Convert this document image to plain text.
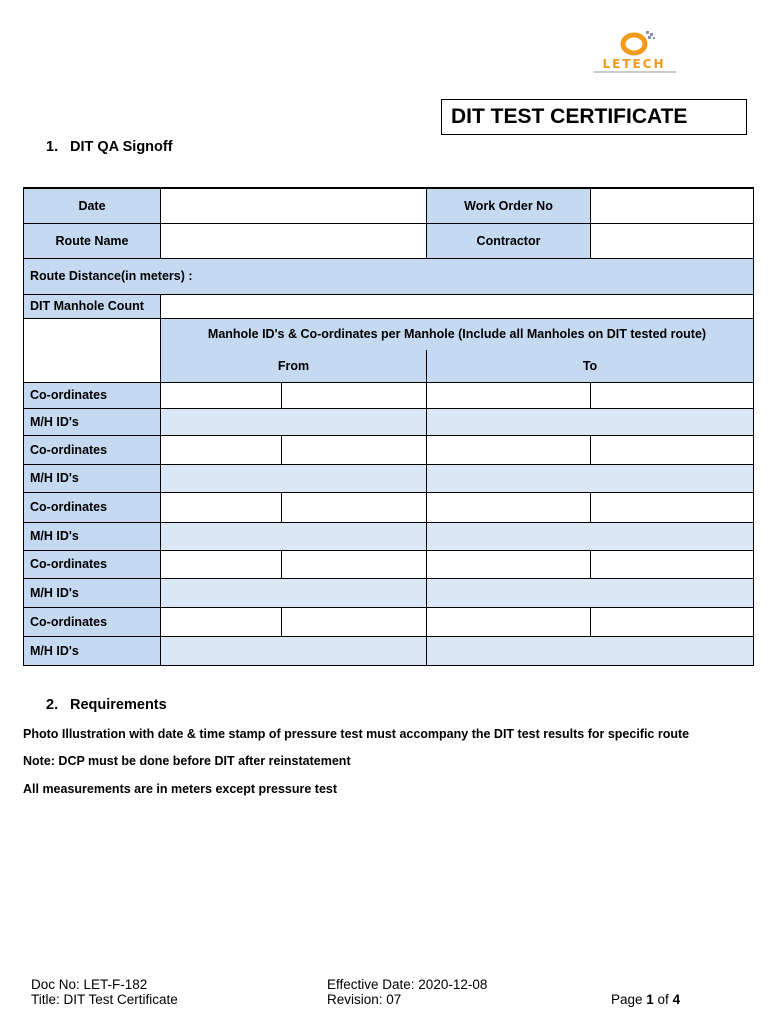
LETECH
DIT TEST CERTIFICATE
1. DIT QA Signoff
Date			Work Order No	
Route Name			Contractor	
Route Distance(in meters) :				
DIT Manhole Count				
	Manhole ID's & Co-ordinates per Manhole (Include all Manholes on DIT tested route)			
	From		To	
Co-ordinates				
M/H ID's				
Co-ordinates				
M/H ID's				
Co-ordinates				
M/H ID's				
Co-ordinates				
M/H ID's				
Co-ordinates				
M/H ID's				
2. Requirements
Photo Illustration with date & time stamp of pressure test must accompany the DIT test results for specific route
Note: DCP must be done before DIT after reinstatement
All measurements are in meters except pressure test
Doc No: LET-F-182
Title: DIT Test Certificate
Effective Date: 2020-12-08
Revision: 07	Page 1 of 4
